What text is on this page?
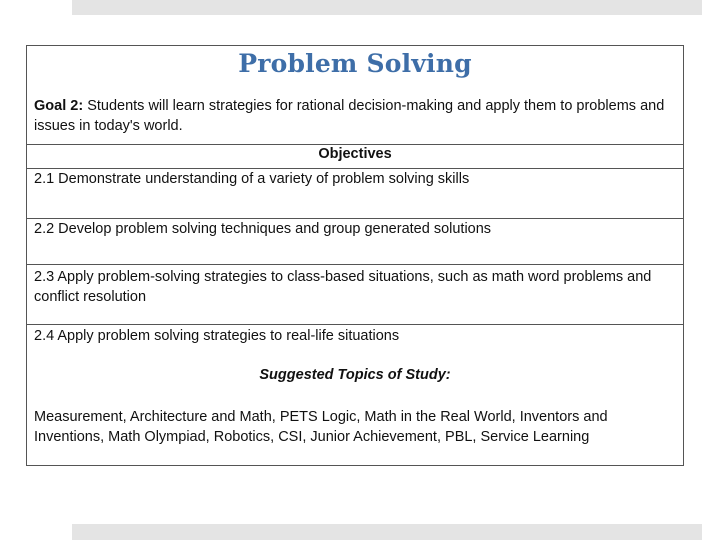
Problem Solving
Goal 2: Students will learn strategies for rational decision-making and apply them to problems and issues in today's world.
Objectives
2.1 Demonstrate understanding of a variety of problem solving skills
2.2 Develop problem solving techniques and group generated solutions
2.3 Apply problem-solving strategies to class-based situations, such as math word problems and conflict resolution
2.4 Apply problem solving strategies to real-life situations
Suggested Topics of Study:
Measurement, Architecture and Math, PETS Logic, Math in the Real World, Inventors and Inventions, Math Olympiad, Robotics, CSI, Junior Achievement, PBL, Service Learning
